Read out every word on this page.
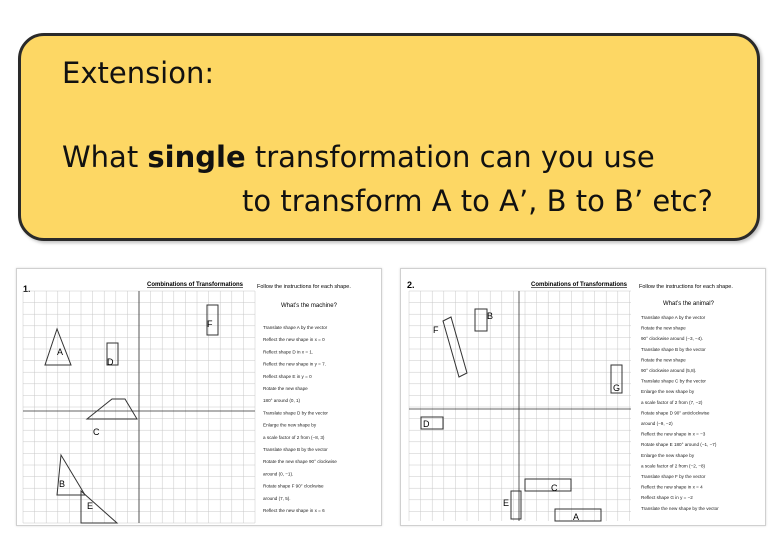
Extension:
What single transformation can you use
to transform A to A’, B to B’ etc?
1.	Combinations of Transformations	Follow the instructions for each shape.
F
A
D
C
B
E
What’s the machine?
Translate shape A by the vector
Reflect the new shape in x = 0
Reflect shape D in x = 1.
Reflect the new shape in y = 7.
Reflect shape E in y = 0
Rotate the new shape
180° around (0, 1)
Translate shape D by the vector
Enlarge the new shape by
a scale factor of 2 from (−8, 3)
Translate shape B by the vector
Rotate the new shape 90° clockwise
around (0, −1).
Rotate shape F 90° clockwise
around (7, 5).
Reflect the new shape in x = 6
2.	Combinations of Transformations Follow the instructions for each shape.
B
F
G
D
C
E
A
What’s the animal?
Translate shape A by the vector
Rotate the new shape
90° clockwise around (−3, −4).
Translate shape B by the vector
Rotate the new shape
90° clockwise around (5,8).
Translate shape C by the vector
Enlarge the new shape by
a scale factor of 2 from (7, −2)
Rotate shape D 90° anticlockwise
around (−9, −2)
Reflect the new shape in x = −3
Rotate shape E 180° around (−1, −7)
Enlarge the new shape by
a scale factor of 2 from (−2, −8)
Translate shape F by the vector
Reflect the new shape in x = 4
Reflect shape G in y = −2
Translate the new shape by the vector
